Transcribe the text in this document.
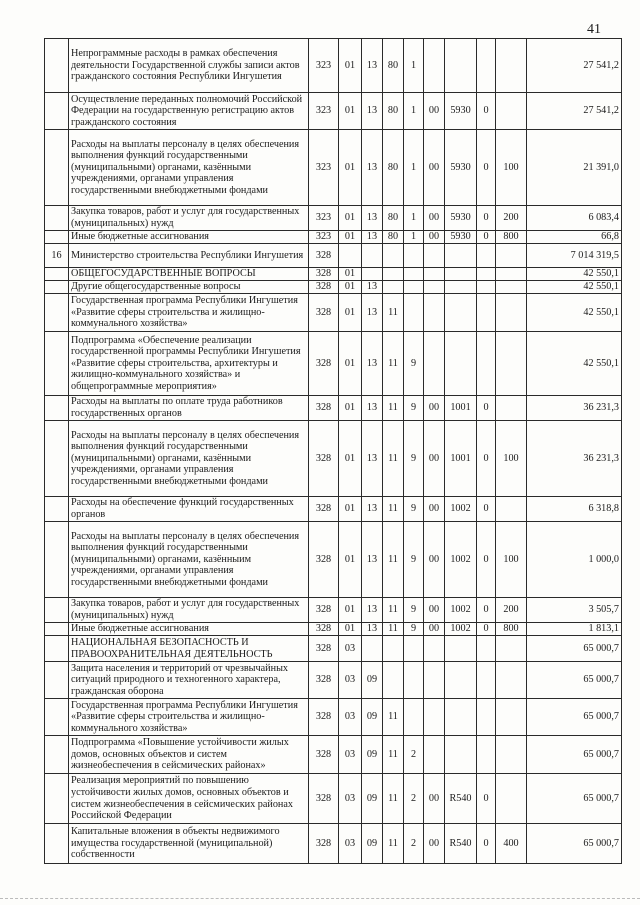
41
	Непрограммные расходы в рамках обеспечения деятельности Государственной службы записи актов гражданского состояния Республики Ингушетия	323	01	13	80	1					27 541,2
	Осуществление переданных полномочий Российской Федерации на государственную регистрацию актов гражданского состояния	323	01	13	80	1	00	5930	0		27 541,2
	Расходы на выплаты персоналу в целях обеспечения выполнения функций государственными (муниципальными) органами, казёнными учреждениями, органами управления государственными внебюджетными фондами	323	01	13	80	1	00	5930	0	100	21 391,0
	Закупка товаров, работ и услуг для государственных (муниципальных) нужд	323	01	13	80	1	00	5930	0	200	6 083,4
	Иные бюджетные ассигнования	323	01	13	80	1	00	5930	0	800	66,8
16	Министерство строительства Республики Ингушетия	328									7 014 319,5
	ОБЩЕГОСУДАРСТВЕННЫЕ ВОПРОСЫ	328	01								42 550,1
	Другие общегосударственные вопросы	328	01	13							42 550,1
	Государственная программа Республики Ингушетия «Развитие сферы строительства и жилищно-коммунального хозяйства»	328	01	13	11						42 550,1
	Подпрограмма «Обеспечение реализации государственной программы Республики Ингушетия «Развитие сферы строительства, архитектуры и жилищно-коммунального хозяйства» и общепрограммные мероприятия»	328	01	13	11	9					42 550,1
	Расходы на выплаты по оплате труда работников государственных органов	328	01	13	11	9	00	1001	0		36 231,3
	Расходы на выплаты персоналу в целях обеспечения выполнения функций государственными (муниципальными) органами, казёнными учреждениями, органами управления государственными внебюджетными фондами	328	01	13	11	9	00	1001	0	100	36 231,3
	Расходы на обеспечение функций государственных органов	328	01	13	11	9	00	1002	0		6 318,8
	Расходы на выплаты персоналу в целях обеспечения выполнения функций государственными (муниципальными) органами, казённыим учреждениями, органами управления государственными внебюджетными фондами	328	01	13	11	9	00	1002	0	100	1 000,0
	Закупка товаров, работ и услуг для государственных (муниципальных) нужд	328	01	13	11	9	00	1002	0	200	3 505,7
	Иные бюджетные ассигнования	328	01	13	11	9	00	1002	0	800	1 813,1
	НАЦИОНАЛЬНАЯ БЕЗОПАСНОСТЬ И ПРАВООХРАНИТЕЛЬНАЯ ДЕЯТЕЛЬНОСТЬ	328	03								65 000,7
	Защита населения и территорий от чрезвычайных ситуаций природного и техногенного характера, гражданская оборона	328	03	09							65 000,7
	Государственная программа Республики Ингушетия «Развитие сферы строительства и жилищно-коммунального хозяйства»	328	03	09	11						65 000,7
	Подпрограмма «Повышение устойчивости жилых домов, основных объектов и систем жизнеобеспечения в сейсмических районах»	328	03	09	11	2					65 000,7
	Реализация мероприятий по повышению устойчивости жилых домов, основных объектов и систем жизнеобеспечения в сейсмических районах Российской Федерации	328	03	09	11	2	00	R540	0		65 000,7
	Капитальные вложения в объекты недвижимого имущества государственной (муниципальной) собственности	328	03	09	11	2	00	R540	0	400	65 000,7
